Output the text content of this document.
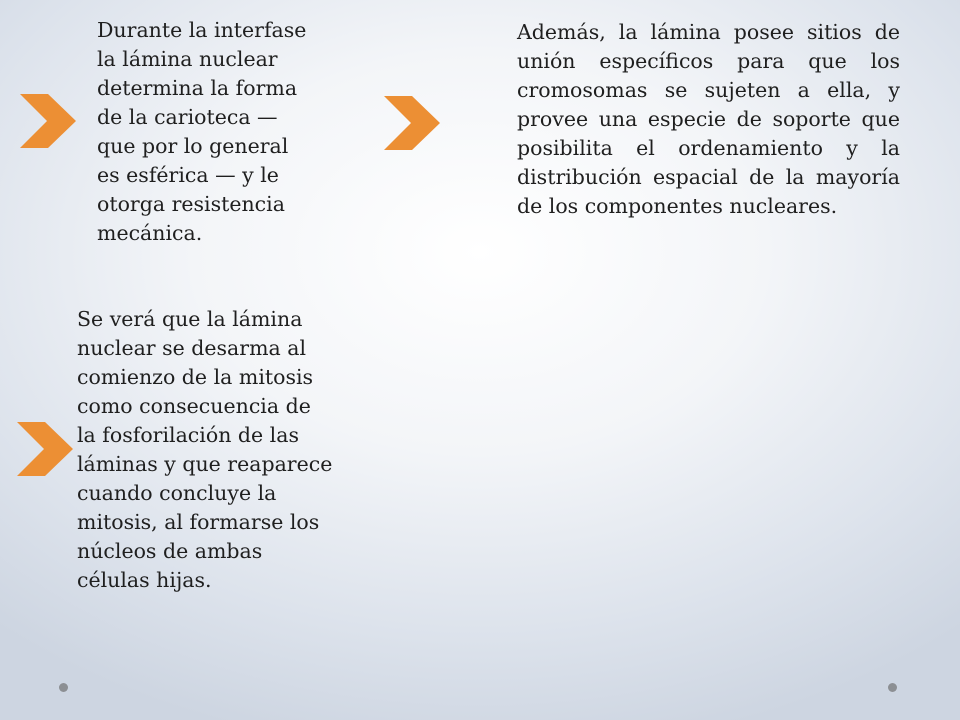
Durante la interfase
la lámina nuclear
determina la forma
de la carioteca —
que por lo general
es esférica — y le
otorga resistencia
mecánica.
Se verá que la lámina
nuclear se desarma al
comienzo de la mitosis
como consecuencia de
la fosforilación de las
láminas y que reaparece
cuando concluye la
mitosis, al formarse los
núcleos de ambas
células hijas.
Además, la lámina posee sitios de
unión específicos para que los
cromosomas se sujeten a ella, y
provee una especie de soporte que
posibilita el ordenamiento y la
distribución espacial de la mayoría
de los componentes nucleares.
